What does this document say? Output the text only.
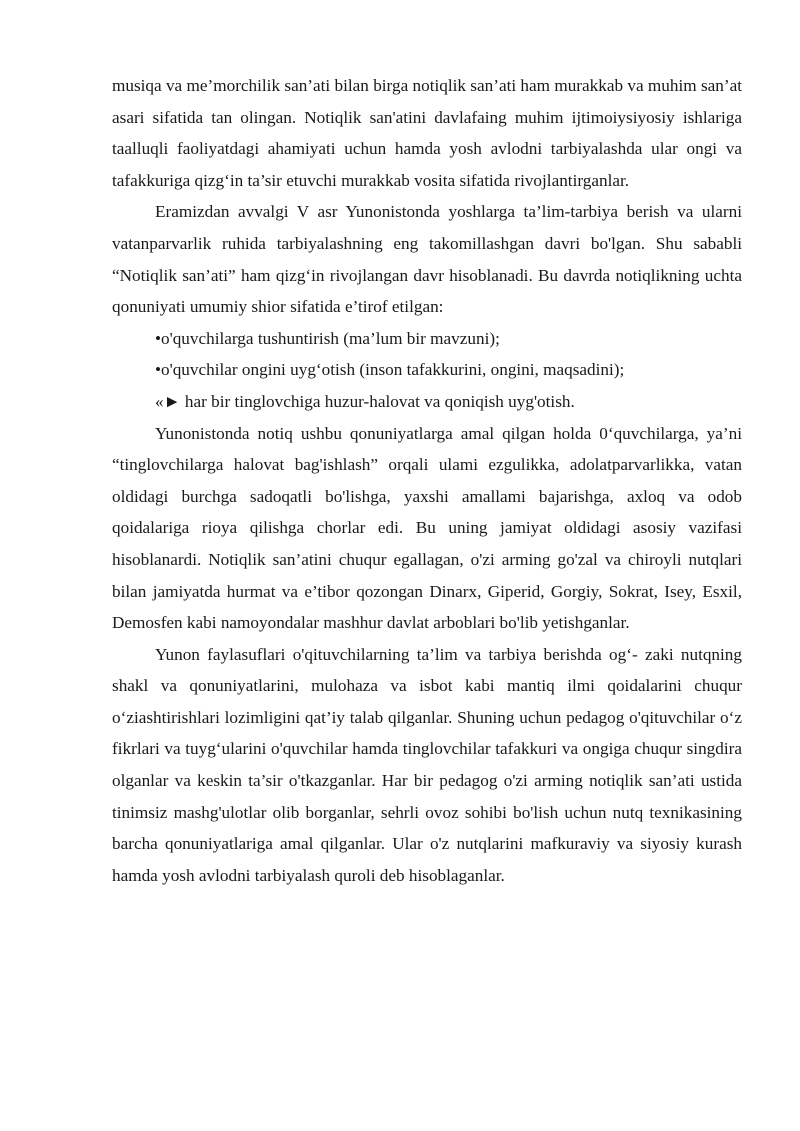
musiqa va me’morchilik san’ati bilan birga notiqlik san’ati ham murakkab va muhim san’at asari sifatida tan olingan. Notiqlik san'atini davlafaing muhim ijtimoiysiyosiy ishlariga taalluqli faoliyatdagi ahamiyati uchun hamda yosh avlodni tarbiyalashda ular ongi va tafakkuriga qizg‘in ta’sir etuvchi murakkab vosita sifatida rivojlantirganlar.

Eramizdan avvalgi V asr Yunonistonda yoshlarga ta’lim-tarbiya berish va ularni vatanparvarlik ruhida tarbiyalashning eng takomillashgan davri bo'lgan. Shu sababli “Notiqlik san’ati” ham qizg‘in rivojlangan davr hisoblanadi. Bu davrda notiqlikning uchta qonuniyati umumiy shior sifatida e’tirof etilgan:

•o'quvchilarga tushuntirish (ma’lum bir mavzuni);

•o'quvchilar ongini uyg‘otish (inson tafakkurini, ongini, maqsadini);

«► har bir tinglovchiga huzur-halovat va qoniqish uyg'otish.

Yunonistonda notiq ushbu qonuniyatlarga amal qilgan holda 0‘quvchilarga, ya’ni “tinglovchilarga halovat bag'ishlash” orqali ulami ezgulikka, adolatparvarlikka, vatan oldidagi burchga sadoqatli bo'lishga, yaxshi amallami bajarishga, axloq va odob qoidalariga rioya qilishga chorlar edi. Bu uning jamiyat oldidagi asosiy vazifasi hisoblanardi. Notiqlik san’atini chuqur egallagan, o'zi arming go'zal va chiroyli nutqlari bilan jamiyatda hurmat va e’tibor qozongan Dinarx, Giperid, Gorgiy, Sokrat, Isey, Esxil, Demosfen kabi namoyondalar mashhur davlat arboblari bo'lib yetishganlar.

Yunon faylasuflari o'qituvchilarning ta’lim va tarbiya berishda og‘- zaki nutqning shakl va qonuniyatlarini, mulohaza va isbot kabi mantiq ilmi qoidalarini chuqur o‘ziashtirishlari lozimligini qat’iy talab qilganlar. Shuning uchun pedagog o'qituvchilar o‘z fikrlari va tuyg‘ularini o'quvchilar hamda tinglovchilar tafakkuri va ongiga chuqur singdira olganlar va keskin ta’sir o'tkazganlar. Har bir pedagog o'zi arming notiqlik san’ati ustida tinimsiz mashg'ulotlar olib borganlar, sehrli ovoz sohibi bo'lish uchun nutq texnikasining barcha qonuniyatlariga amal qilganlar. Ular o'z nutqlarini mafkuraviy va siyosiy kurash hamda yosh avlodni tarbiyalash quroli deb hisoblaganlar.
